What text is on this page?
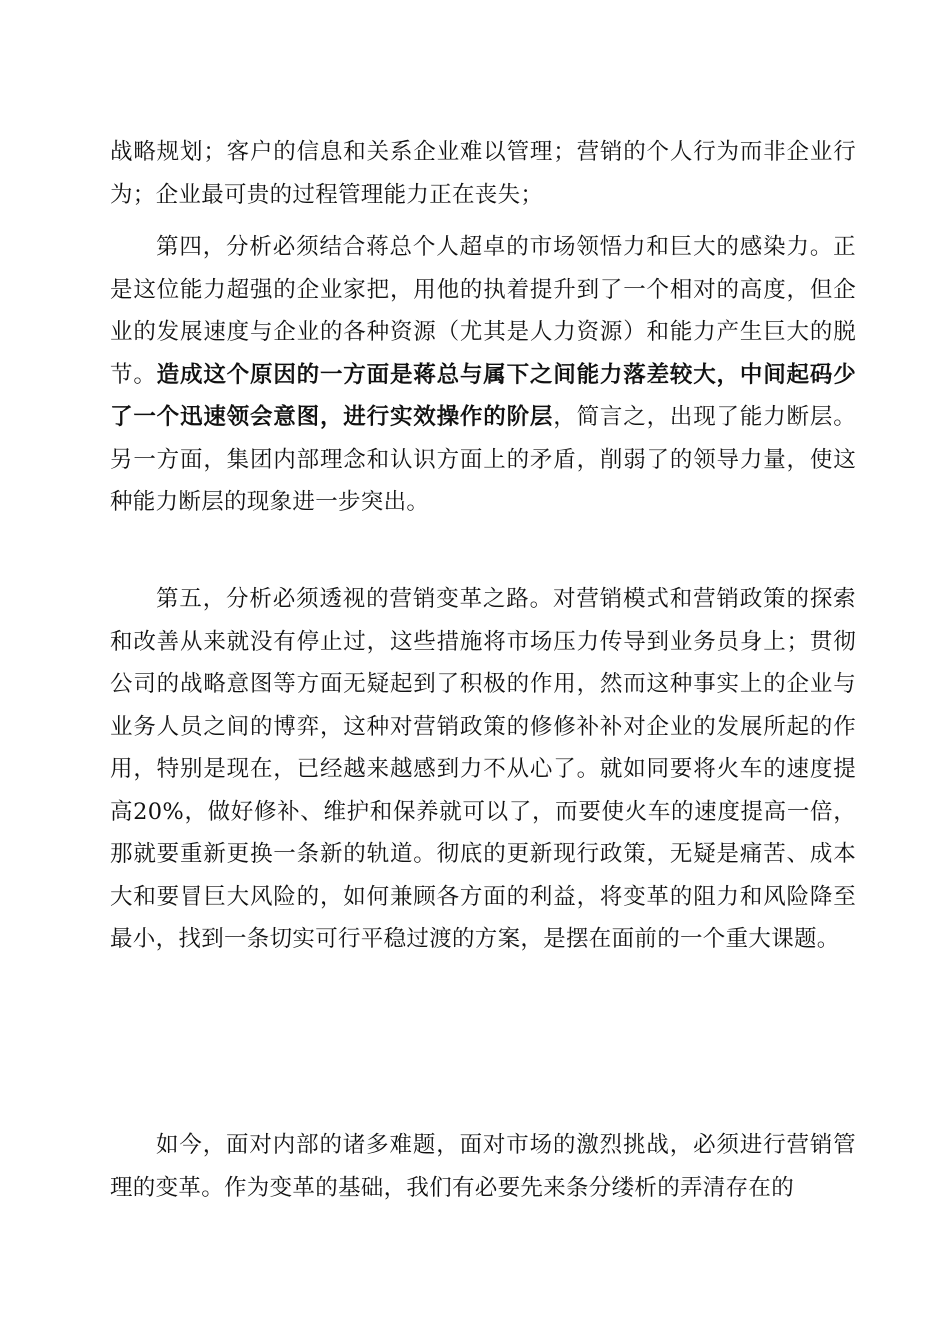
战略规划；客户的信息和关系企业难以管理；营销的个人行为而非企业行为；企业最可贵的过程管理能力正在丧失；

第四，分析必须结合蒋总个人超卓的市场领悟力和巨大的感染力。正是这位能力超强的企业家把，用他的执着提升到了一个相对的高度，但企业的发展速度与企业的各种资源（尤其是人力资源）和能力产生巨大的脱节。造成这个原因的一方面是蒋总与属下之间能力落差较大，中间起码少了一个迅速领会意图，进行实效操作的阶层，简言之，出现了能力断层。另一方面，集团内部理念和认识方面上的矛盾，削弱了的领导力量，使这种能力断层的现象进一步突出。

第五，分析必须透视的营销变革之路。对营销模式和营销政策的探索和改善从来就没有停止过，这些措施将市场压力传导到业务员身上；贯彻公司的战略意图等方面无疑起到了积极的作用，然而这种事实上的企业与业务人员之间的博弈，这种对营销政策的修修补补对企业的发展所起的作用，特别是现在，已经越来越感到力不从心了。就如同要将火车的速度提高20%，做好修补、维护和保养就可以了，而要使火车的速度提高一倍，那就要重新更换一条新的轨道。彻底的更新现行政策，无疑是痛苦、成本大和要冒巨大风险的，如何兼顾各方面的利益，将变革的阻力和风险降至最小，找到一条切实可行平稳过渡的方案，是摆在面前的一个重大课题。

如今，面对内部的诸多难题，面对市场的激烈挑战，必须进行营销管理的变革。作为变革的基础，我们有必要先来条分缕析的弄清存在的
